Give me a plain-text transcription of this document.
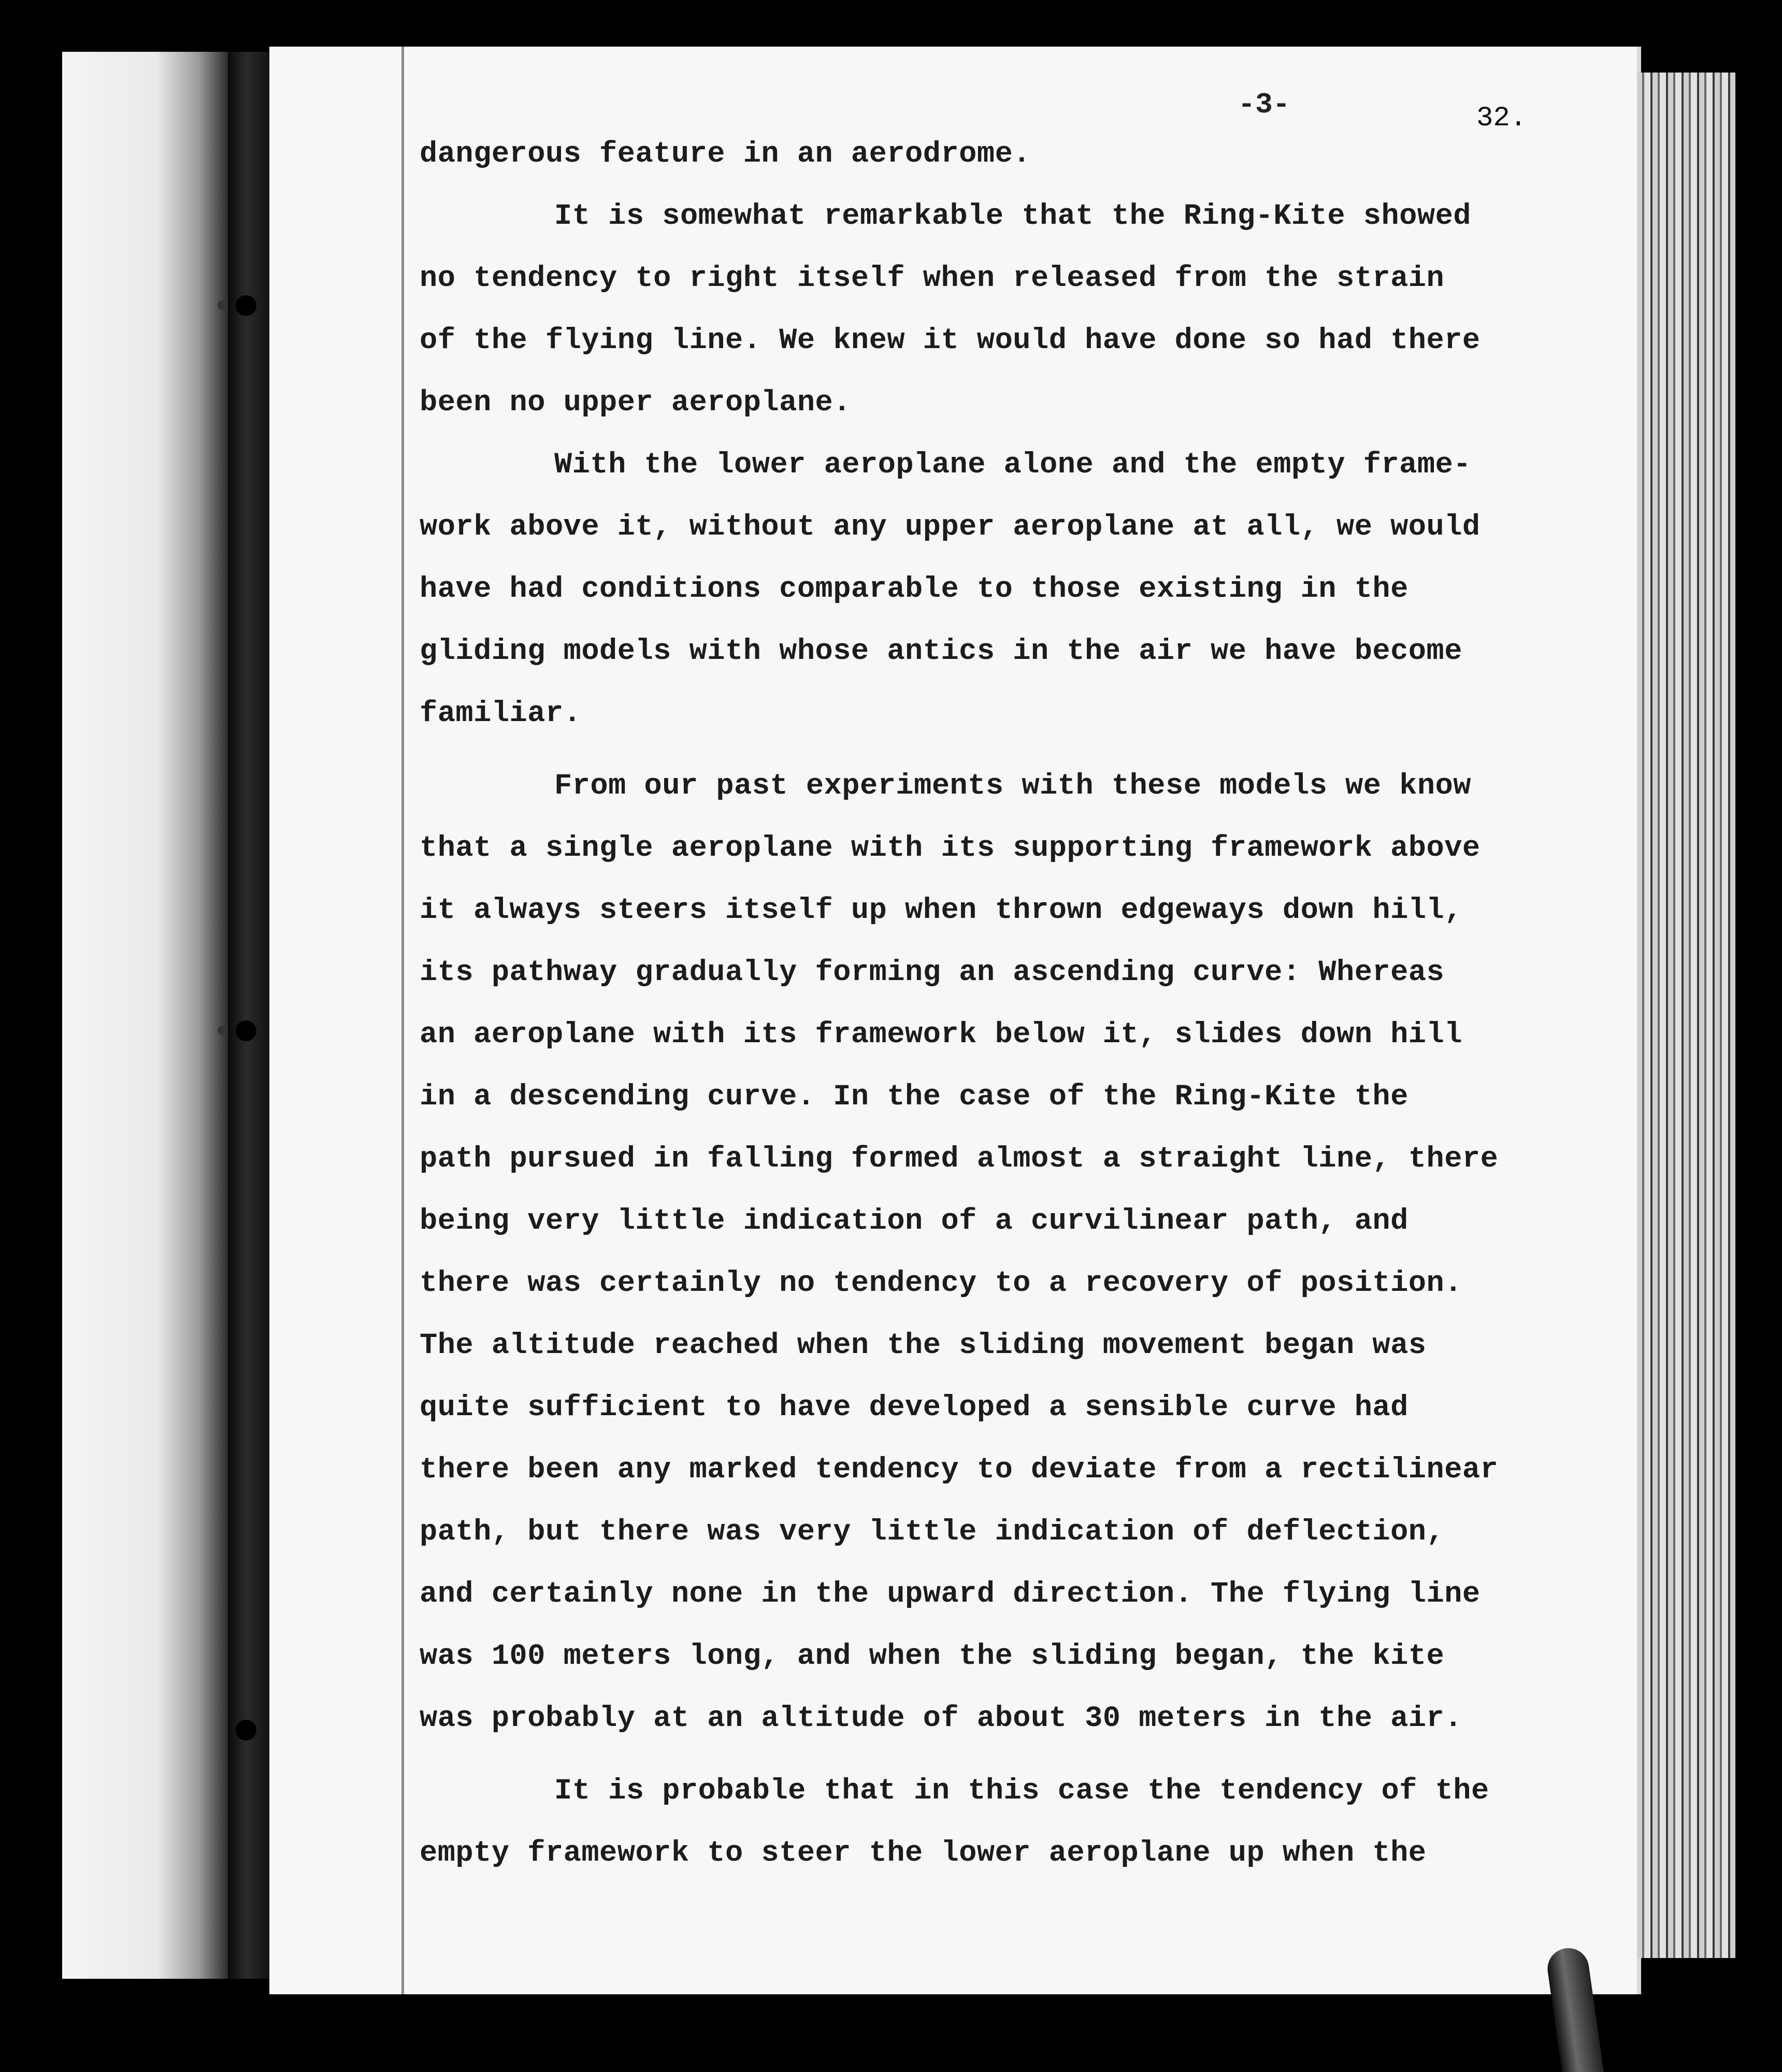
-3-	32.
dangerous feature in an aerodrome.
It is somewhat remarkable that the Ring-Kite showed
no tendency to right itself when released from the strain
of the flying line. We knew it would have done so had there
been no upper aeroplane.
With the lower aeroplane alone and the empty frame-
work above it, without any upper aeroplane at all, we would
have had conditions comparable to those existing in the
gliding models with whose antics in the air we have become
familiar.
From our past experiments with these models we know
that a single aeroplane with its supporting framework above
it always steers itself up when thrown edgeways down hill,
its pathway gradually forming an ascending curve: Whereas
an aeroplane with its framework below it, slides down hill
in a descending curve. In the case of the Ring-Kite the
path pursued in falling formed almost a straight line, there
being very little indication of a curvilinear path, and
there was certainly no tendency to a recovery of position.
The altitude reached when the sliding movement began was
quite sufficient to have developed a sensible curve had
there been any marked tendency to deviate from a rectilinear
path, but there was very little indication of deflection,
and certainly none in the upward direction. The flying line
was 100 meters long, and when the sliding began, the kite
was probably at an altitude of about 30 meters in the air.
It is probable that in this case the tendency of the
empty framework to steer the lower aeroplane up when the
